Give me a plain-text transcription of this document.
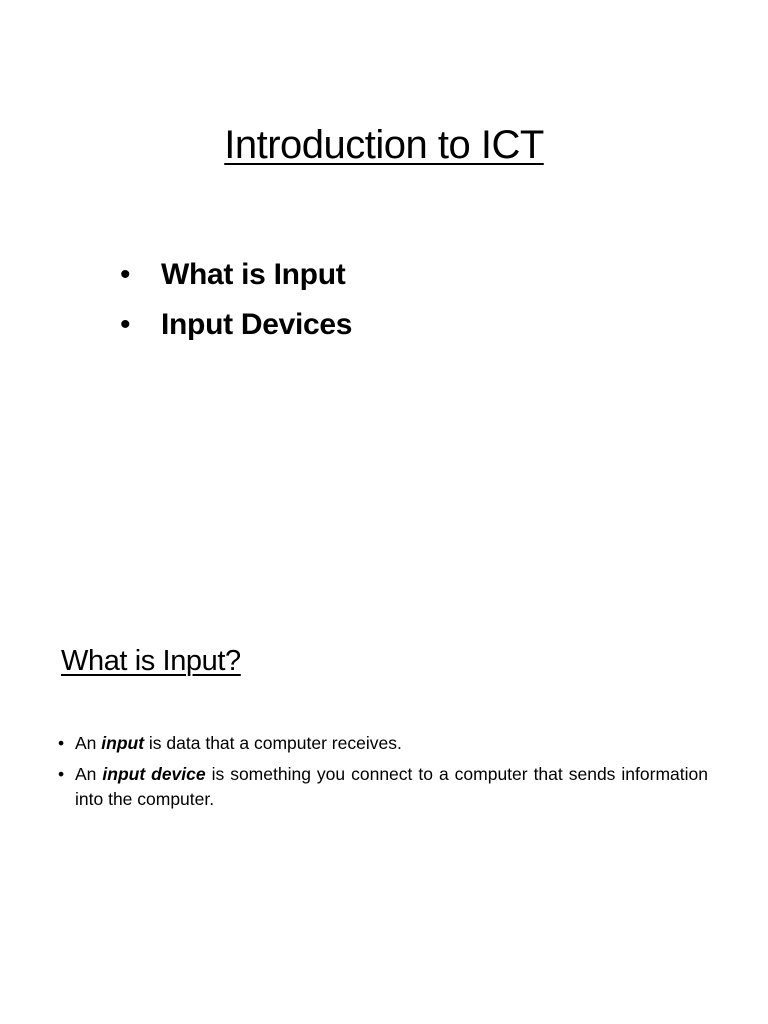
Introduction to ICT
•	What is Input
•	Input Devices
What is Input?
• An input is data that a computer receives.
• An input device is something you connect to a computer that sends information into the computer.
